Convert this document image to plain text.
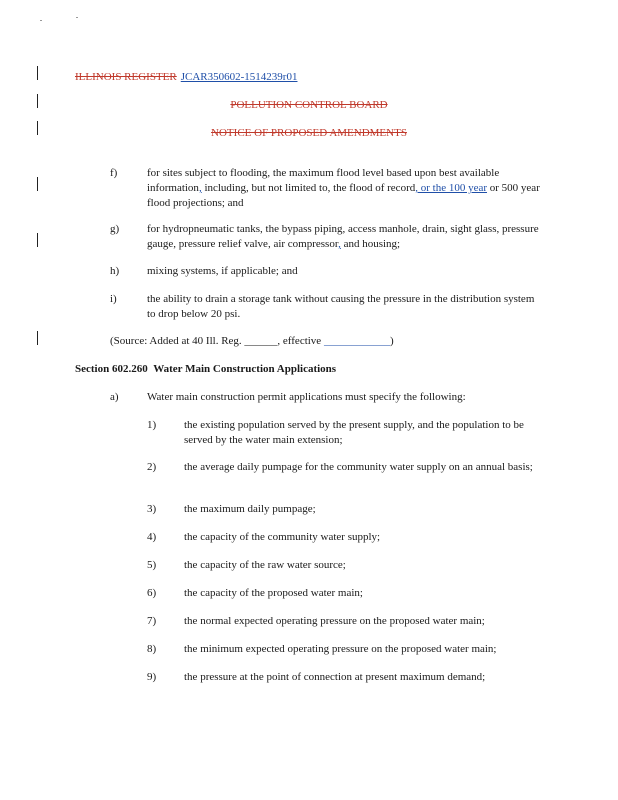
ILLINOIS REGISTER JCAR350602-1514239r01
POLLUTION CONTROL BOARD
NOTICE OF PROPOSED AMENDMENTS
f)	for sites subject to flooding, the maximum flood level based upon best available information, including, but not limited to, the flood of record, or the 100 year or 500 year flood projections; and
g)	for hydropneumatic tanks, the bypass piping, access manhole, drain, sight glass, pressure gauge, pressure relief valve, air compressor, and housing;
h)	mixing systems, if applicable; and
i)	the ability to drain a storage tank without causing the pressure in the distribution system to drop below 20 psi.
(Source: Added at 40 Ill. Reg. ______, effective ____________)
Section 602.260 Water Main Construction Applications
a)	Water main construction permit applications must specify the following:
1)	the existing population served by the present supply, and the population to be served by the water main extension;
2)	the average daily pumpage for the community water supply on an annual basis;
3)	the maximum daily pumpage;
4)	the capacity of the community water supply;
5)	the capacity of the raw water source;
6)	the capacity of the proposed water main;
7)	the normal expected operating pressure on the proposed water main;
8)	the minimum expected operating pressure on the proposed water main;
9)	the pressure at the point of connection at present maximum demand;
